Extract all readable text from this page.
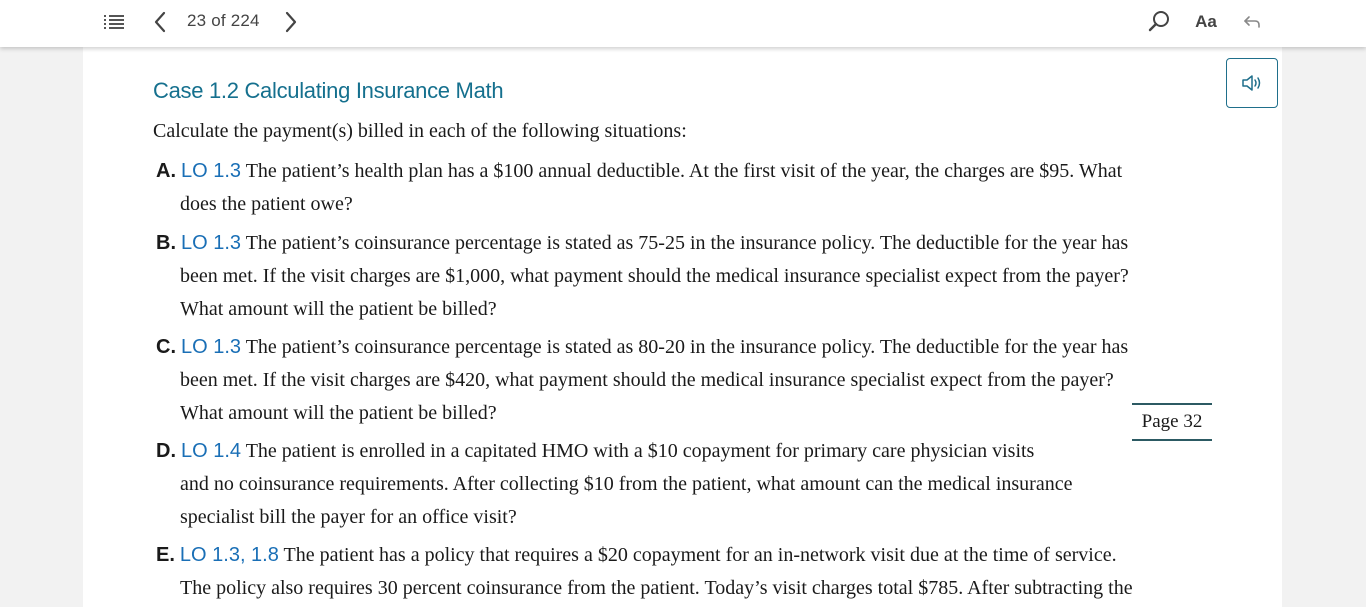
23 of 224	Aa
Case 1.2 Calculating Insurance Math
Calculate the payment(s) billed in each of the following situations:
A. LO 1.3 The patient’s health plan has a $100 annual deductible. At the first visit of the year, the charges are $95. What
does the patient owe?
B. LO 1.3 The patient’s coinsurance percentage is stated as 75-25 in the insurance policy. The deductible for the year has
been met. If the visit charges are $1,000, what payment should the medical insurance specialist expect from the payer?
What amount will the patient be billed?
C. LO 1.3 The patient’s coinsurance percentage is stated as 80-20 in the insurance policy. The deductible for the year has
been met. If the visit charges are $420, what payment should the medical insurance specialist expect from the payer?
What amount will the patient be billed?	Page 32
D. LO 1.4 The patient is enrolled in a capitated HMO with a $10 copayment for primary care physician visits
and no coinsurance requirements. After collecting $10 from the patient, what amount can the medical insurance
specialist bill the payer for an office visit?
E. LO 1.3, 1.8 The patient has a policy that requires a $20 copayment for an in-network visit due at the time of service.
The policy also requires 30 percent coinsurance from the patient. Today’s visit charges total $785. After subtracting the
